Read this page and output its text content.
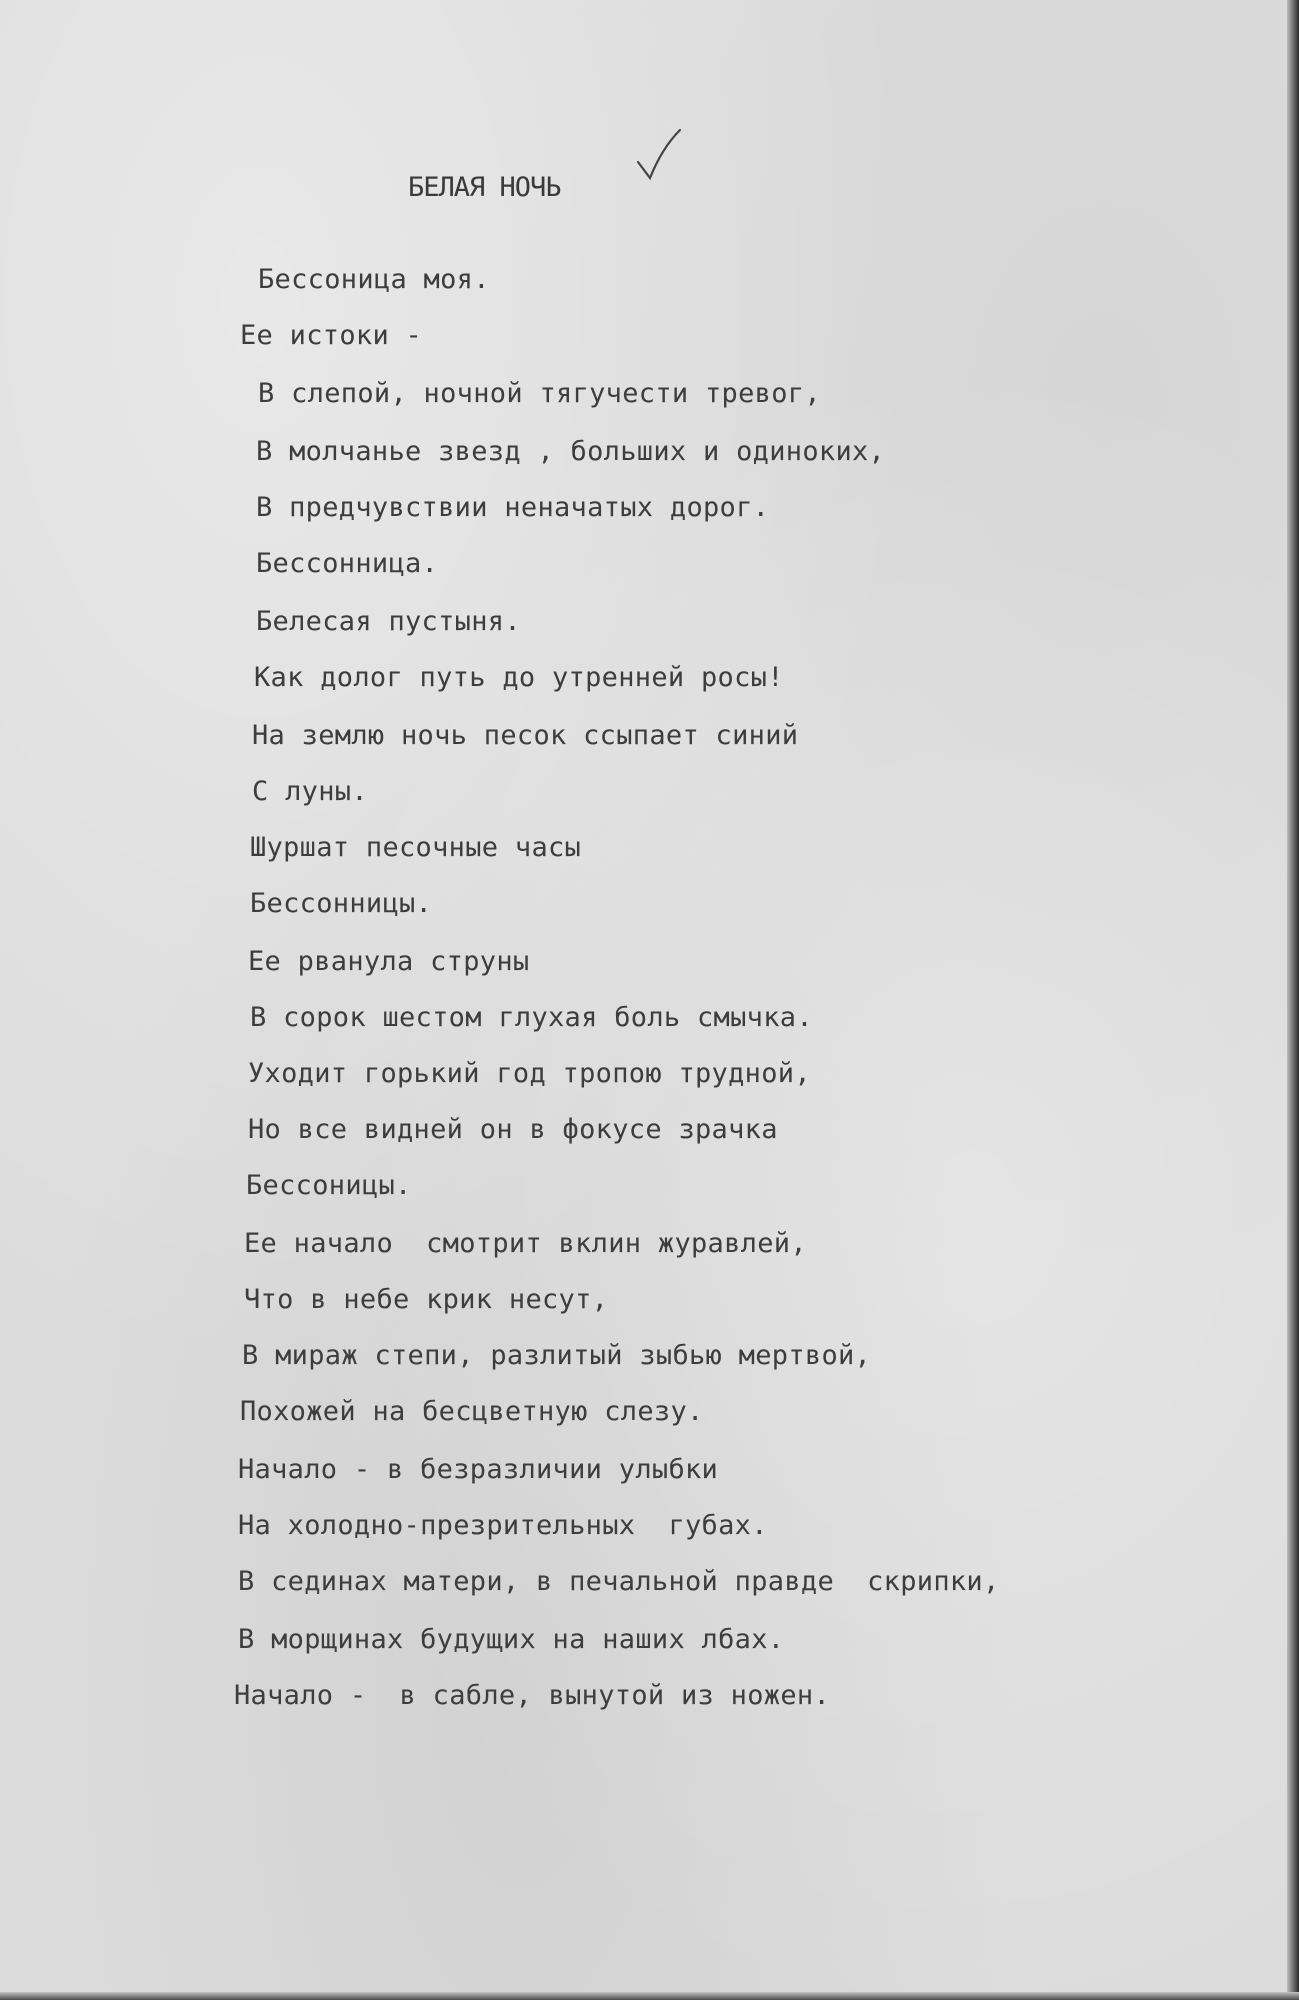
БЕЛАЯ НОЧЬ
Бессоница моя.
Ее истоки -
В слепой, ночной тягучести тревог,
В молчанье звезд , больших и одиноких,
В предчувствии неначатых дорог.
Бессонница.
Белесая пустыня.
Как долог путь до утренней росы!
На землю ночь песок ссыпает синий
С луны.
Шуршат песочные часы
Бессонницы.
Ее рванула струны
В сорок шестом глухая боль смычка.
Уходит горький год тропою трудной,
Но все видней он в фокусе зрачка
Бессоницы.
Ее начало  смотрит вклин журавлей,
Что в небе крик несут,
В мираж степи, разлитый зыбью мертвой,
Похожей на бесцветную слезу.
Начало - в безразличии улыбки
На холодно-презрительных  губах.
В сединах матери, в печальной правде  скрипки,
В морщинах будущих на наших лбах.
Начало -  в сабле, вынутой из ножен.
